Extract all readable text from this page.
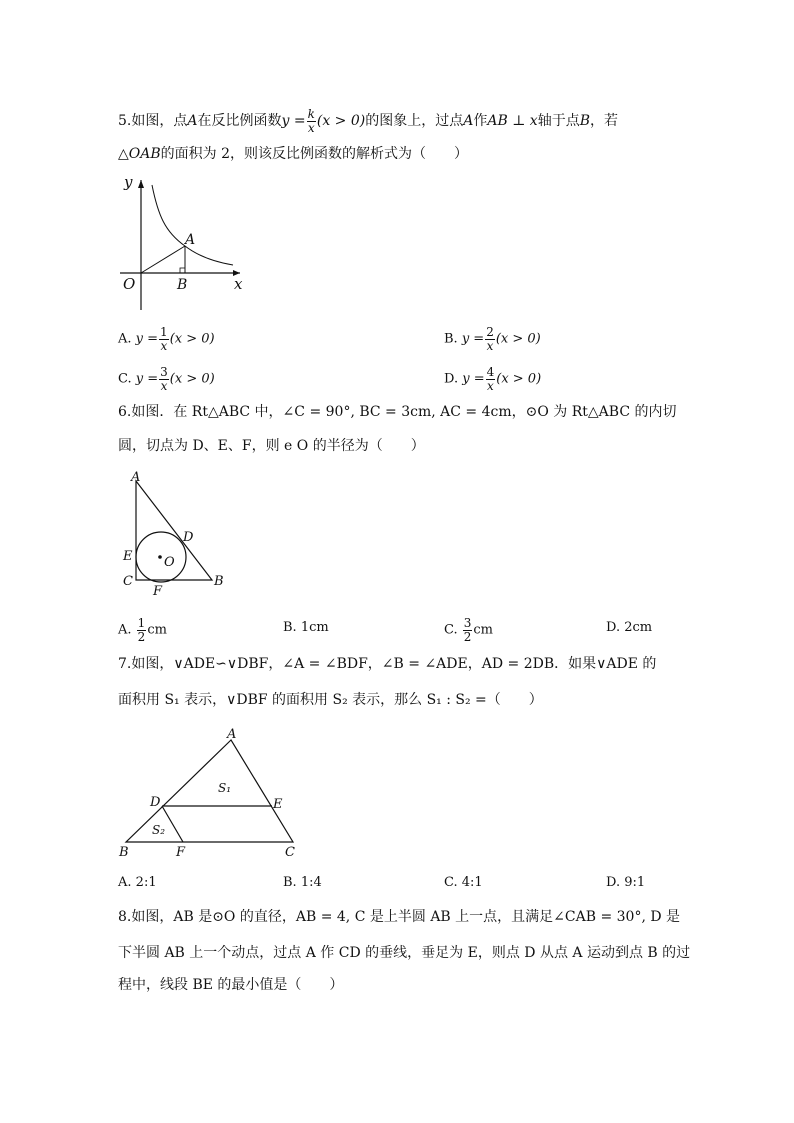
5.如图，点A在反比例函数$y = \frac{k}{x} (x > 0)$的图象上，过点A作AB ⊥ x轴于点B，若
△OAB的面积为 2，则该反比例函数的解析式为（　　）
y
x
O
A
B
A. $y = \frac{1}{x} (x > 0)$	B. $y = \frac{2}{x} (x > 0)$
C. $y = \frac{3}{x} (x > 0)$	D. $y = \frac{4}{x} (x > 0)$
6.如图．在 Rt△ABC 中，∠C = 90°, BC = 3cm, AC = 4cm，⊙O 为 Rt△ABC 的内切
圆，切点为 D、E、F，则 e O 的半径为（　　）
A
B
C
D
E
F
O
A. $\frac{1}{2}$ cm	B. 1cm	C. $\frac{3}{2}$ cm	D. 2cm
7.如图，∨ADE∽∨DBF，∠A = ∠BDF，∠B = ∠ADE，AD = 2DB．如果∨ADE 的
面积用 S₁ 表示，∨DBF 的面积用 S₂ 表示，那么 S₁ : S₂ =（　　）
A
B	C
D	E
F
S₁
S₂
A. 2:1	B. 1:4	C. 4:1	D. 9:1
8.如图，AB 是⊙O 的直径，AB = 4, C 是上半圆 AB 上一点，且满足∠CAB = 30°, D 是
下半圆 AB 上一个动点，过点 A 作 CD 的垂线，垂足为 E，则点 D 从点 A 运动到点 B 的过
程中，线段 BE 的最小值是（　　）
